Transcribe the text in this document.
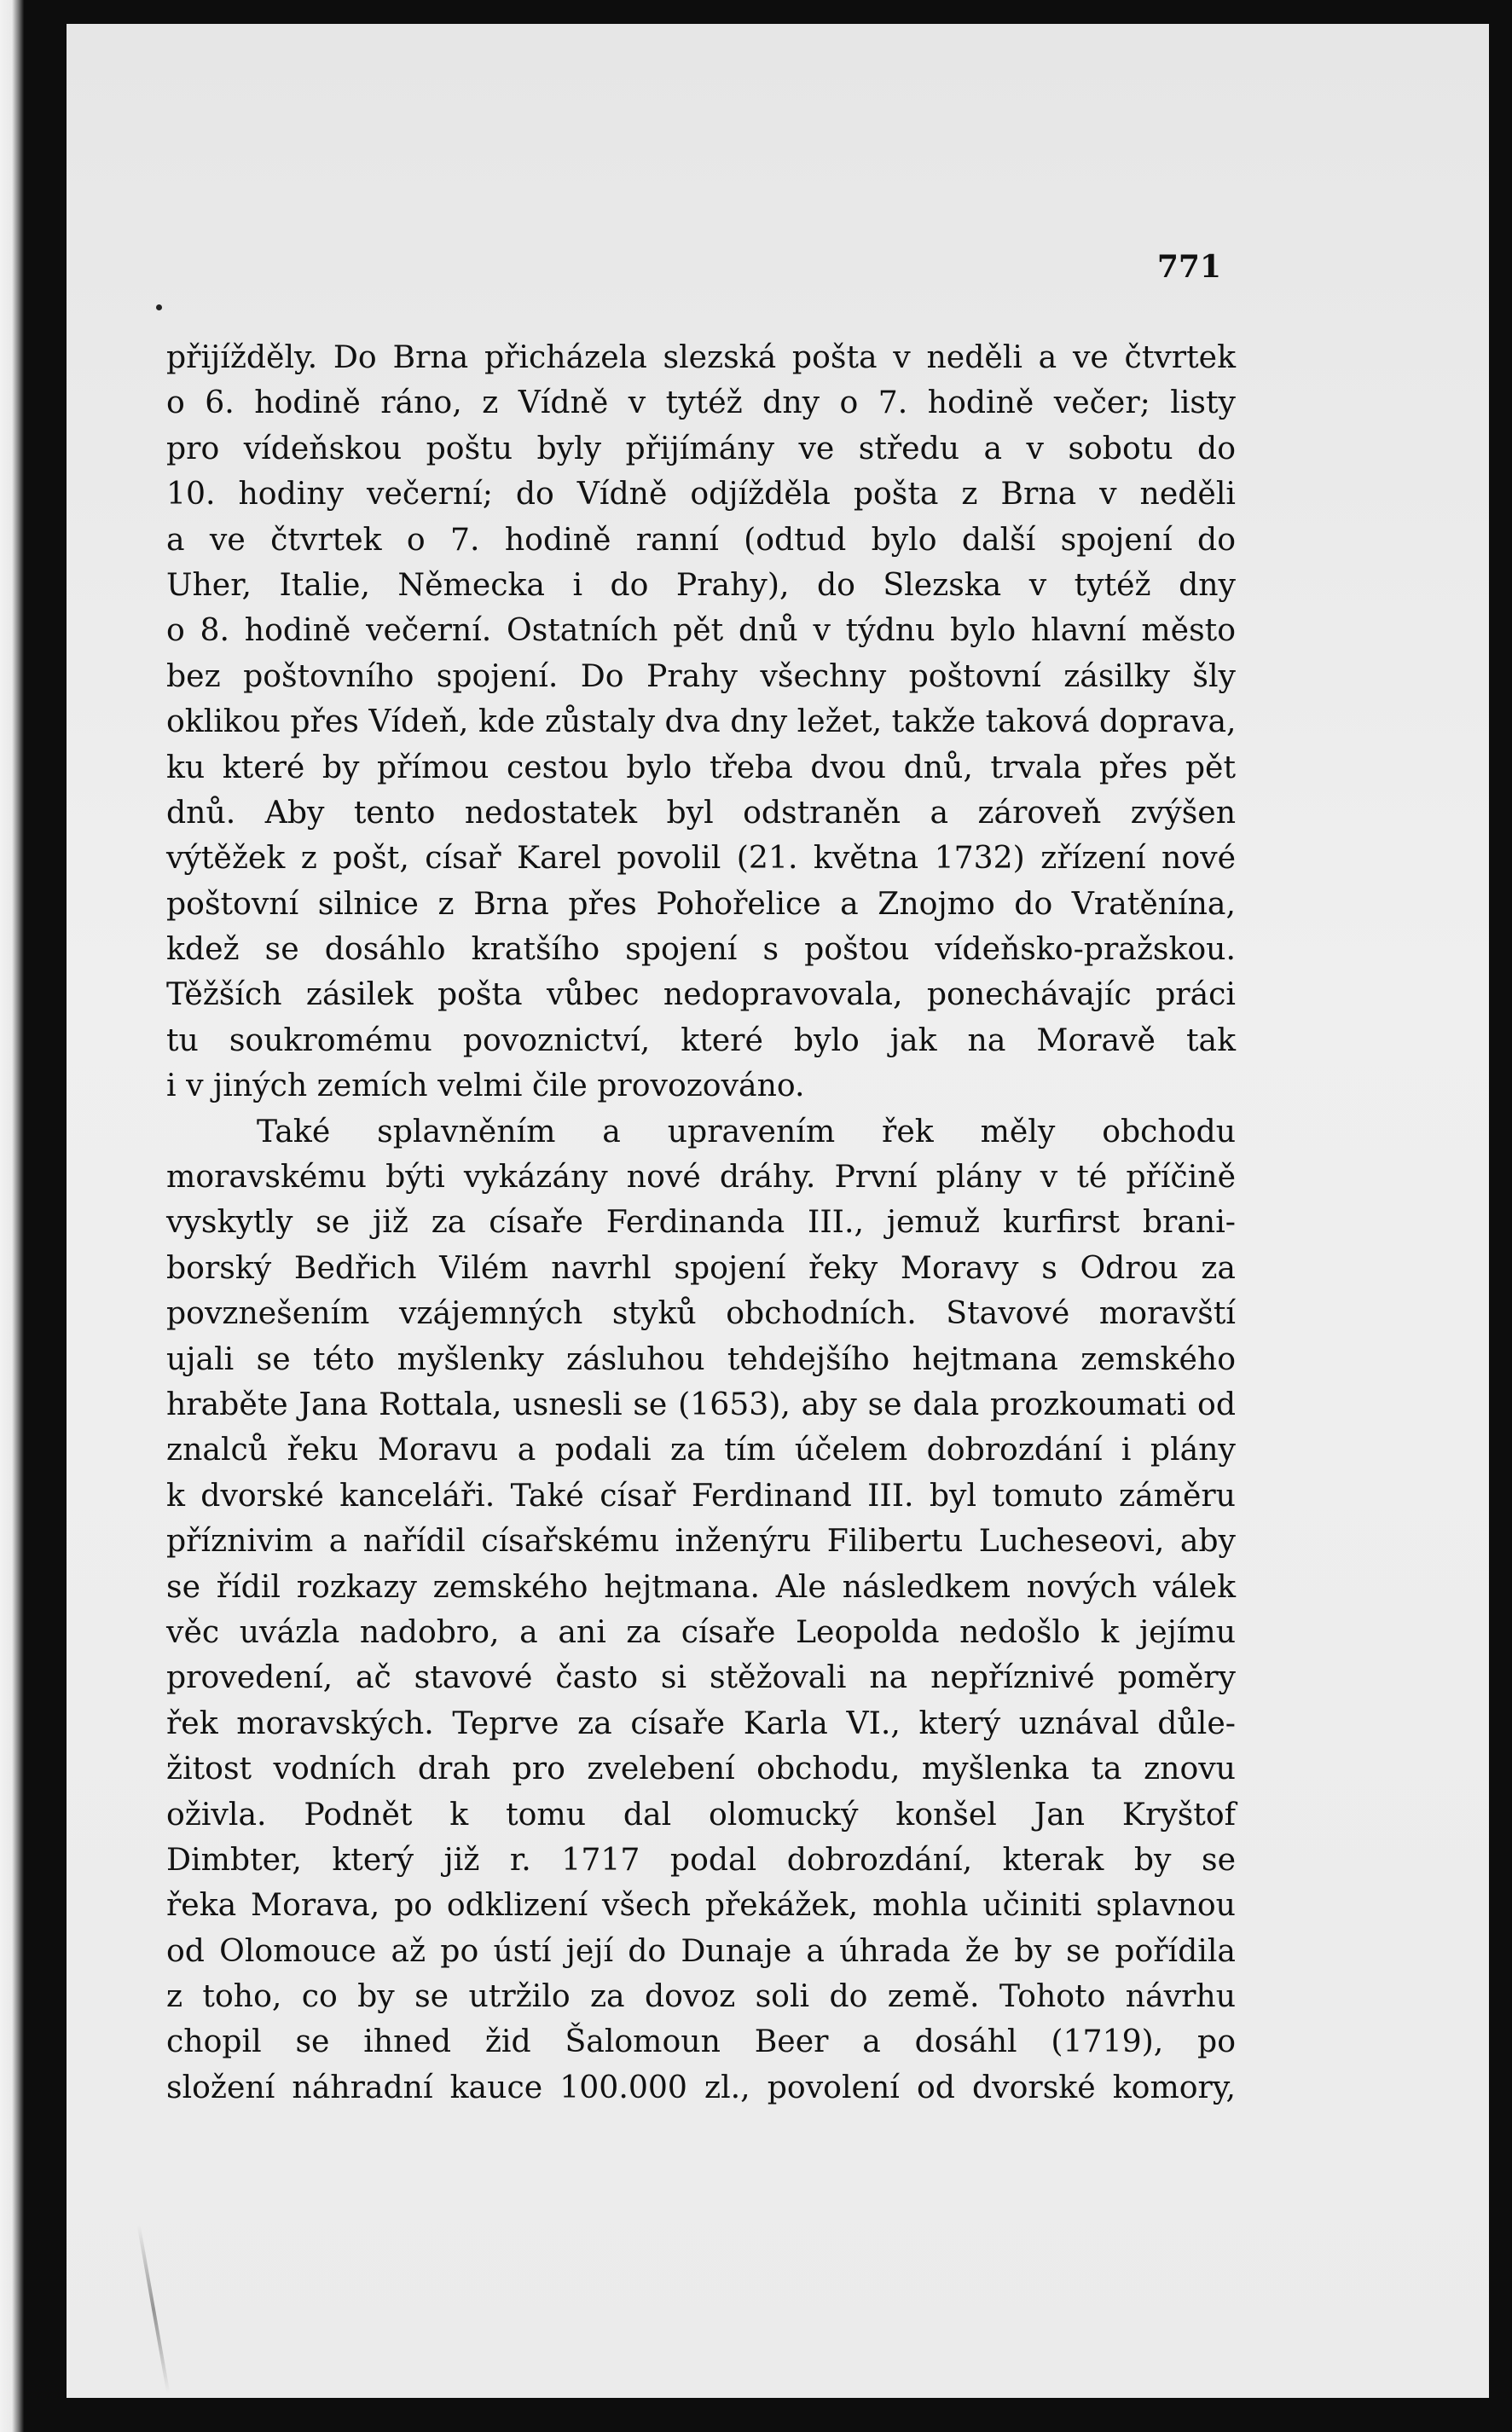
771
přijížděly. Do Brna přicházela slezská pošta v neděli a ve čtvrtek
o 6. hodině ráno, z Vídně v tytéž dny o 7. hodině večer; listy
pro vídeňskou poštu byly přijímány ve středu a v sobotu do
10. hodiny večerní; do Vídně odjížděla pošta z Brna v neděli
a ve čtvrtek o 7. hodině ranní (odtud bylo další spojení do
Uher, Italie, Německa i do Prahy), do Slezska v tytéž dny
o 8. hodině večerní. Ostatních pět dnů v týdnu bylo hlavní město
bez poštovního spojení. Do Prahy všechny poštovní zásilky šly
oklikou přes Vídeň, kde zůstaly dva dny ležet, takže taková doprava,
ku které by přímou cestou bylo třeba dvou dnů, trvala přes pět
dnů. Aby tento nedostatek byl odstraněn a zároveň zvýšen
výtěžek z pošt, císař Karel povolil (21. května 1732) zřízení nové
poštovní silnice z Brna přes Pohořelice a Znojmo do Vratěnína,
kdež se dosáhlo kratšího spojení s poštou vídeňsko-pražskou.
Těžších zásilek pošta vůbec nedopravovala, ponechávajíc práci
tu soukromému povoznictví, které bylo jak na Moravě tak
i v jiných zemích velmi čile provozováno.
Také splavněním a upravením řek měly obchodu
moravskému býti vykázány nové dráhy. První plány v té příčině
vyskytly se již za císaře Ferdinanda III., jemuž kurfirst brani-
borský Bedřich Vilém navrhl spojení řeky Moravy s Odrou za
povznešením vzájemných styků obchodních. Stavové moravští
ujali se této myšlenky zásluhou tehdejšího hejtmana zemského
hraběte Jana Rottala, usnesli se (1653), aby se dala prozkoumati od
znalců řeku Moravu a podali za tím účelem dobrozdání i plány
k dvorské kanceláři. Také císař Ferdinand III. byl tomuto záměru
příznivim a nařídil císařskému inženýru Filibertu Lucheseovi, aby
se řídil rozkazy zemského hejtmana. Ale následkem nových válek
věc uvázla nadobro, a ani za císaře Leopolda nedošlo k jejímu
provedení, ač stavové často si stěžovali na nepříznivé poměry
řek moravských. Teprve za císaře Karla VI., který uznával důle-
žitost vodních drah pro zvelebení obchodu, myšlenka ta znovu
oživla. Podnět k tomu dal olomucký konšel Jan Kryštof
Dimbter, který již r. 1717 podal dobrozdání, kterak by se
řeka Morava, po odklizení všech překážek, mohla učiniti splavnou
od Olomouce až po ústí její do Dunaje a úhrada že by se pořídila
z toho, co by se utržilo za dovoz soli do země. Tohoto návrhu
chopil se ihned žid Šalomoun Beer a dosáhl (1719), po
složení náhradní kauce 100.000 zl., povolení od dvorské komory,
